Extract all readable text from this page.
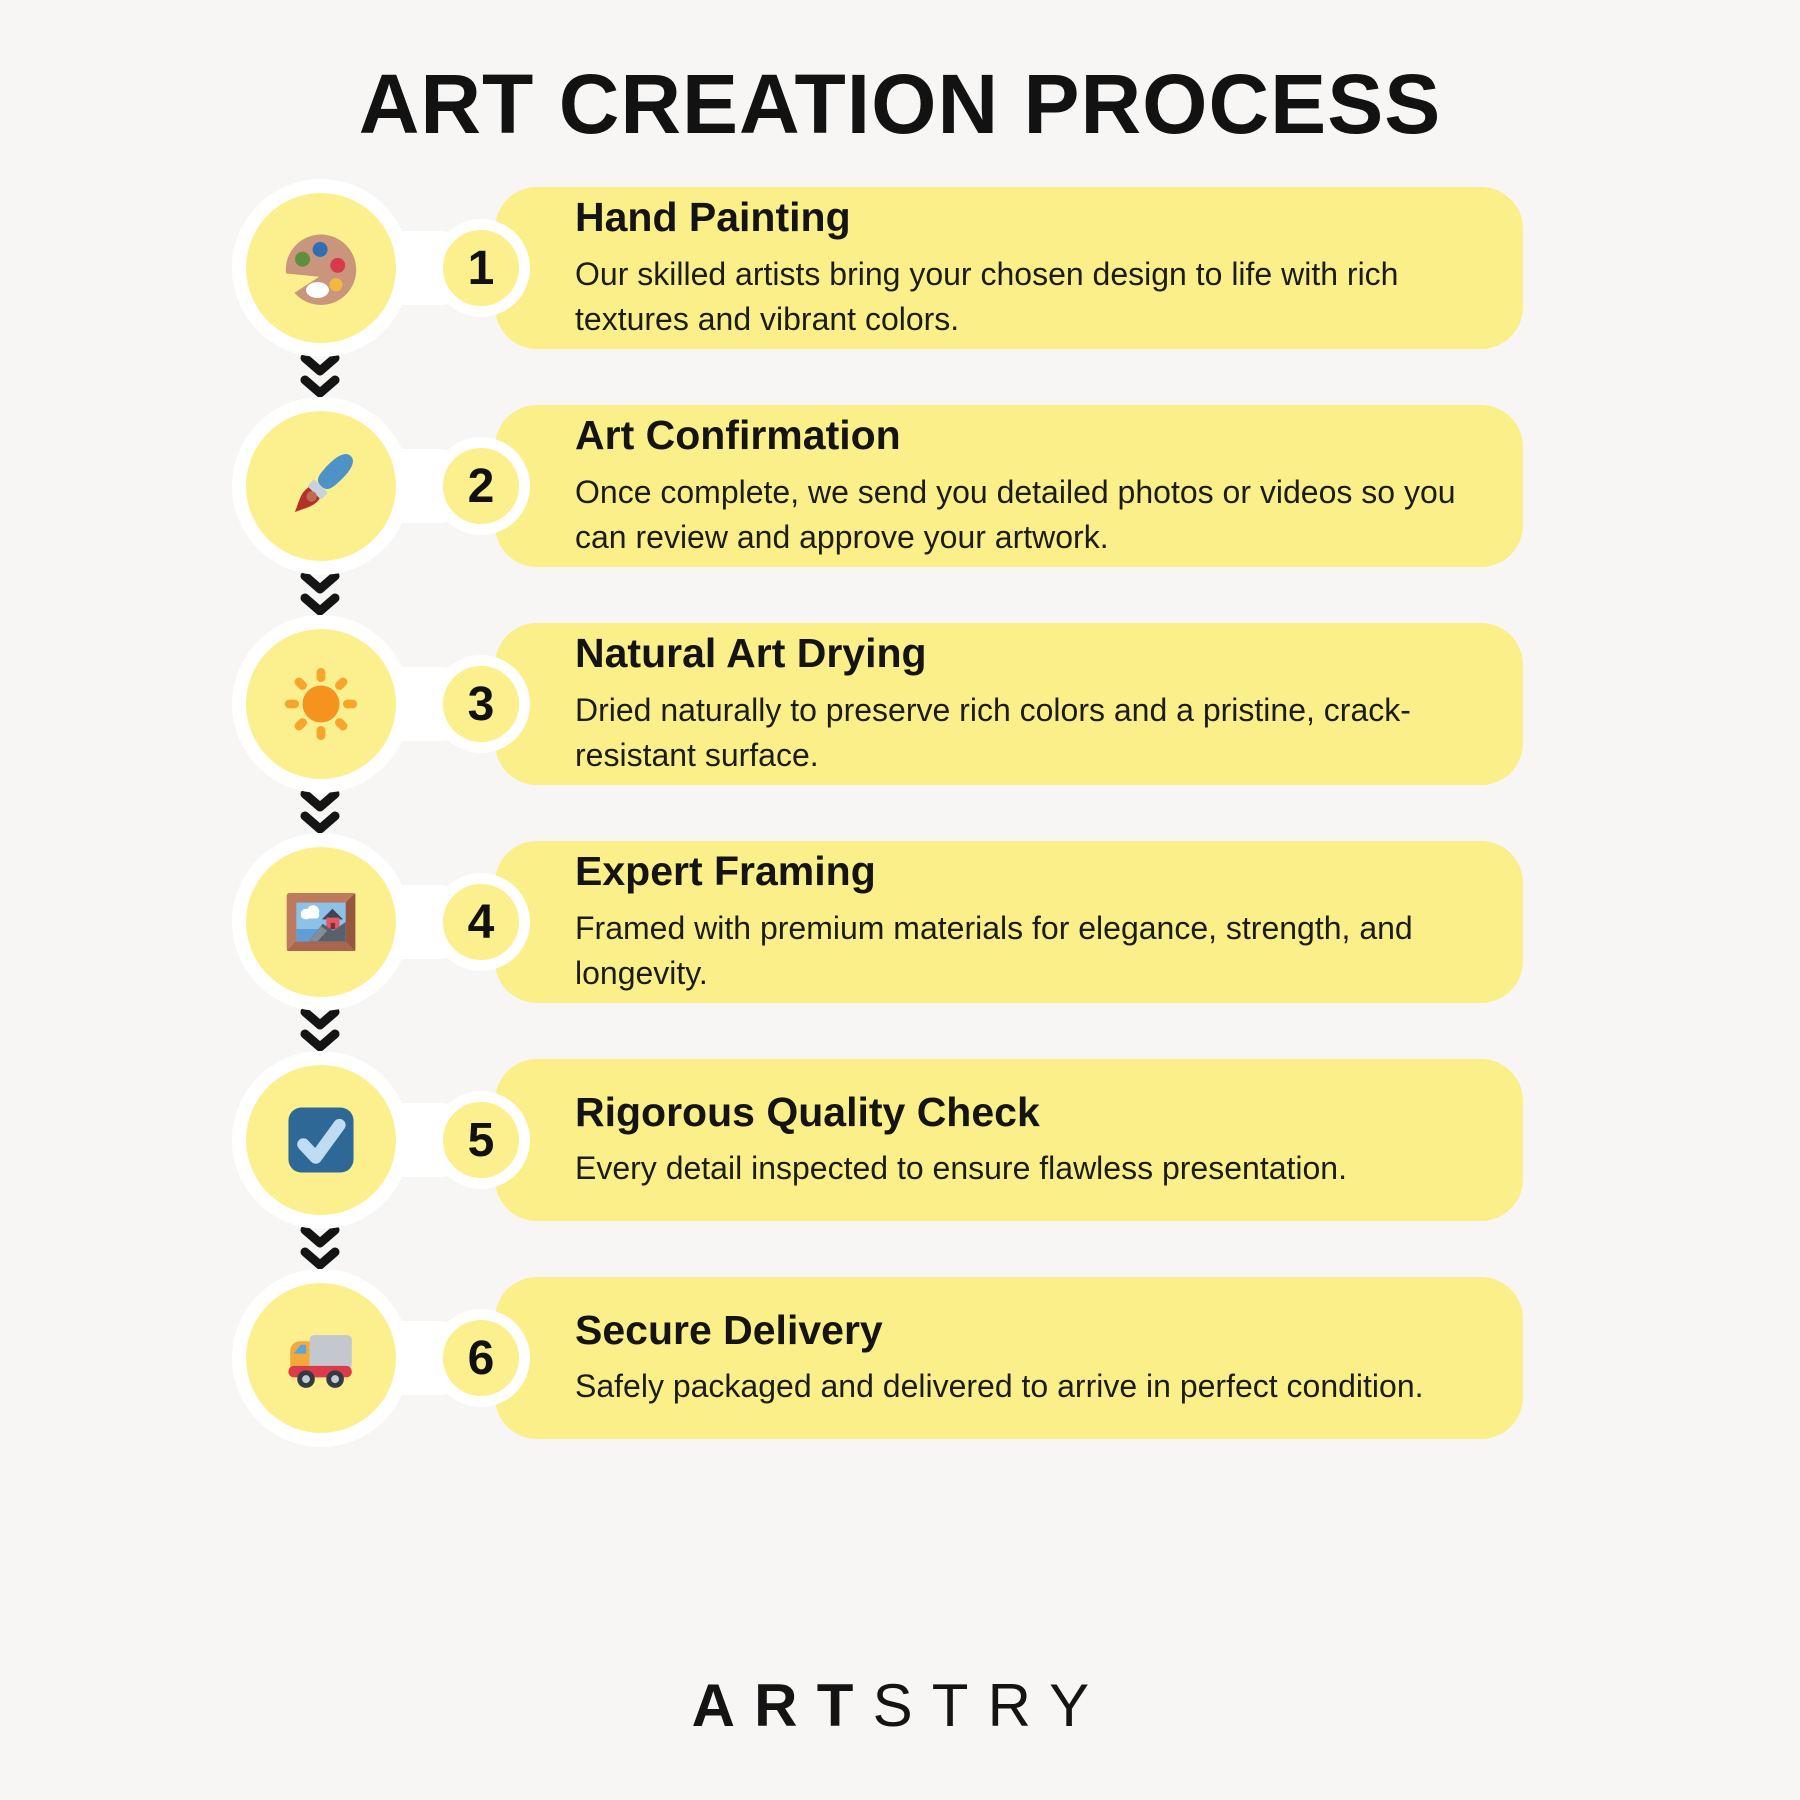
ART CREATION PROCESS
Hand Painting
Our skilled artists bring your chosen design to life with rich textures and vibrant colors.
1
Art Confirmation
Once complete, we send you detailed photos or videos so you can review and approve your artwork.
2
Natural Art Drying
Dried naturally to preserve rich colors and a pristine, crack-resistant surface.
3
Expert Framing
Framed with premium materials for elegance, strength, and longevity.
4
Rigorous Quality Check
Every detail inspected to ensure flawless presentation.
5
Secure Delivery
Safely packaged and delivered to arrive in perfect condition.
6
ARTSTRY
